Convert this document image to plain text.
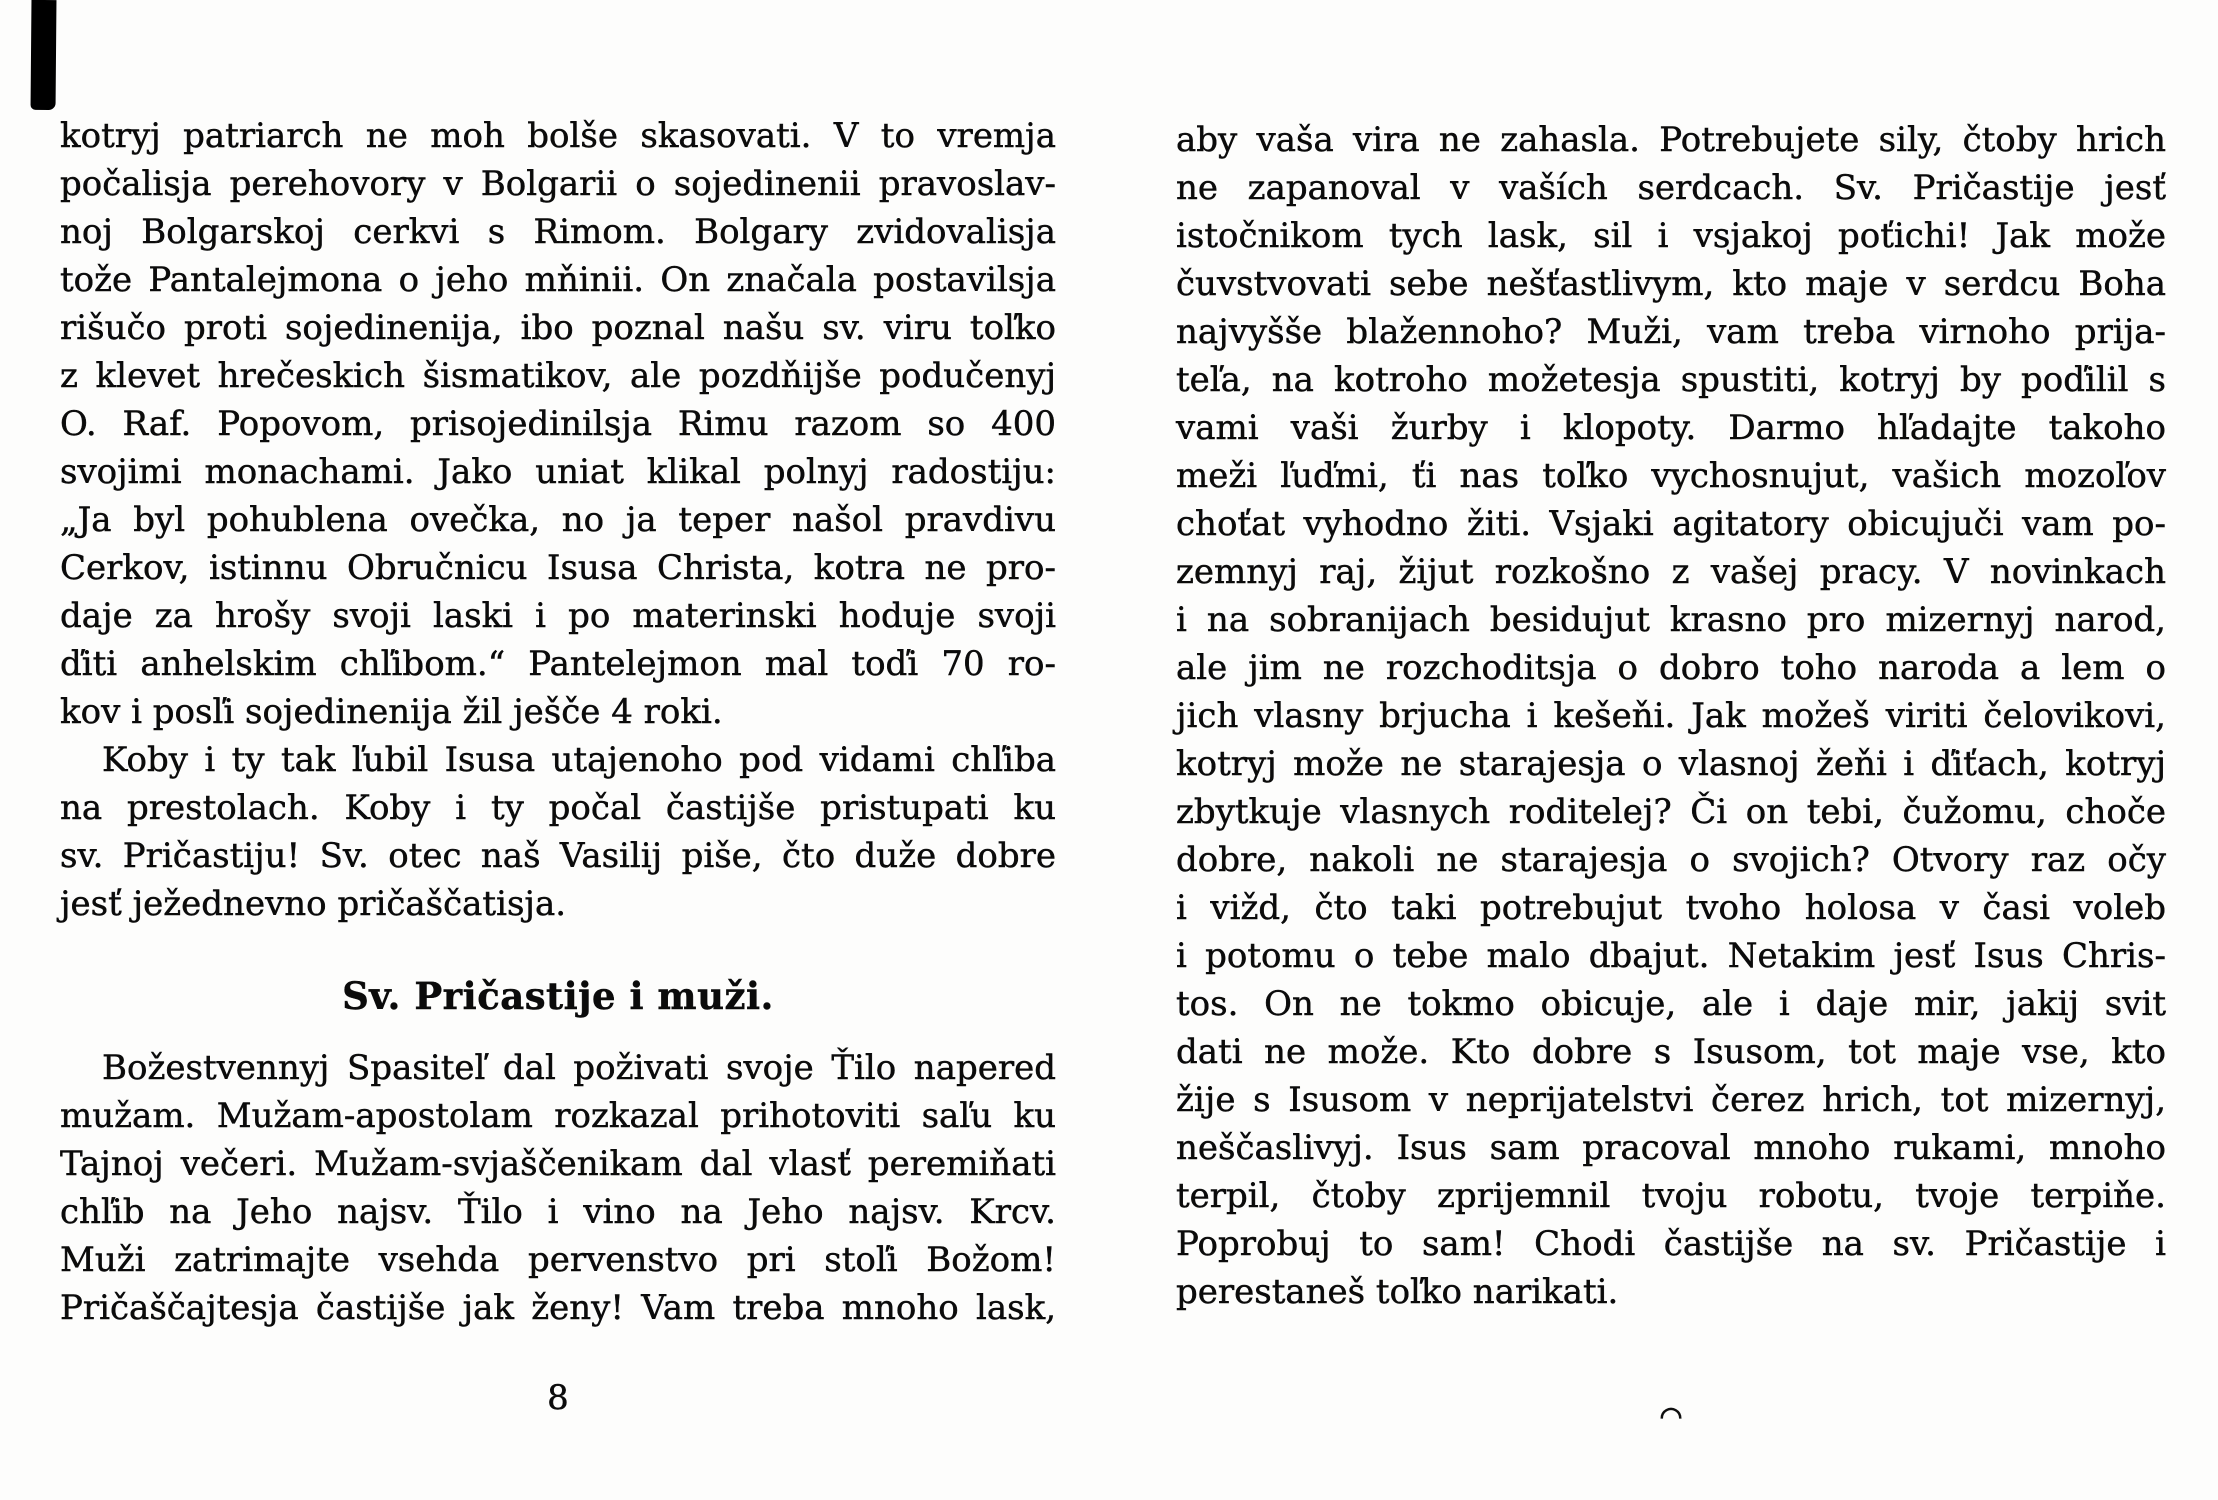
kotryj patriarch ne moh bolše skasovati. V to vremja
počalisja perehovory v Bolgarii o sojedinenii pravoslav-
noj Bolgarskoj cerkvi s Rimom. Bolgary zvidovalisja
tože Pantalejmona o jeho mňinii. On značala postavilsja
rišučo proti sojedinenija, ibo poznal našu sv. viru toľko
z klevet hrečeskich šismatikov, ale pozdňijše podučenyj
O. Raf. Popovom, prisojedinilsja Rimu razom so 400
svojimi monachami. Jako uniat klikal polnyj radostiju:
„Ja byl pohublena ovečka, no ja teper našol pravdivu
Cerkov, istinnu Obručnicu Isusa Christa, kotra ne pro-
daje za hrošy svoji laski i po materinski hoduje svoji
ďiti anhelskim chľibom.“ Pantelejmon mal toďi 70 ro-
kov i posľi sojedinenija žil ješče 4 roki.
Koby i ty tak ľubil Isusa utajenoho pod vidami chľiba
na prestolach. Koby i ty počal častijše pristupati ku
sv. Pričastiju! Sv. otec naš Vasilij piše, čto duže dobre
jesť ježednevno pričaščatisja.
Sv. Pričastije i muži.
Božestvennyj Spasiteľ dal poživati svoje Ťilo napered
mužam. Mužam-apostolam rozkazal prihotoviti saľu ku
Tajnoj večeri. Mužam-svjaščenikam dal vlasť peremiňati
chľib na Jeho najsv. Ťilo i vino na Jeho najsv. Krcv.
Muži zatrimajte vsehda pervenstvo pri stoľi Božom!
Pričaščajtesja častijše jak ženy! Vam treba mnoho lask,
8
aby vaša vira ne zahasla. Potrebujete sily, čtoby hrich
ne zapanoval v vaších serdcach. Sv. Pričastije jesť
istočnikom tych lask, sil i vsjakoj poťichi! Jak može
čuvstvovati sebe nešťastlivym, kto maje v serdcu Boha
najvyšše blažennoho? Muži, vam treba virnoho prija-
teľa, na kotroho možetesja spustiti, kotryj by poďilil s
vami vaši žurby i klopoty. Darmo hľadajte takoho
meži ľuďmi, ťi nas toľko vychosnujut, vašich mozoľov
choťat vyhodno žiti. Vsjaki agitatory obicujuči vam po-
zemnyj raj, žijut rozkošno z vašej pracy. V novinkach
i na sobranijach besidujut krasno pro mizernyj narod,
ale jim ne rozchoditsja o dobro toho naroda a lem o
jich vlasny brjucha i kešeňi. Jak možeš viriti čelovikovi,
kotryj može ne starajesja o vlasnoj žeňi i ďiťach, kotryj
zbytkuje vlasnych roditelej? Či on tebi, čužomu, choče
dobre, nakoli ne starajesja o svojich? Otvory raz očy
i vižd, čto taki potrebujut tvoho holosa v časi voleb
i potomu o tebe malo dbajut. Netakim jesť Isus Chris-
tos. On ne tokmo obicuje, ale i daje mir, jakij svit
dati ne može. Kto dobre s Isusom, tot maje vse, kto
žije s Isusom v neprijatelstvi čerez hrich, tot mizernyj,
neščaslivyj. Isus sam pracoval mnoho rukami, mnoho
terpil, čtoby zprijemnil tvoju robotu, tvoje terpiňe.
Poprobuj to sam! Chodi častijše na sv. Pričastije i
perestaneš toľko narikati.
◠
